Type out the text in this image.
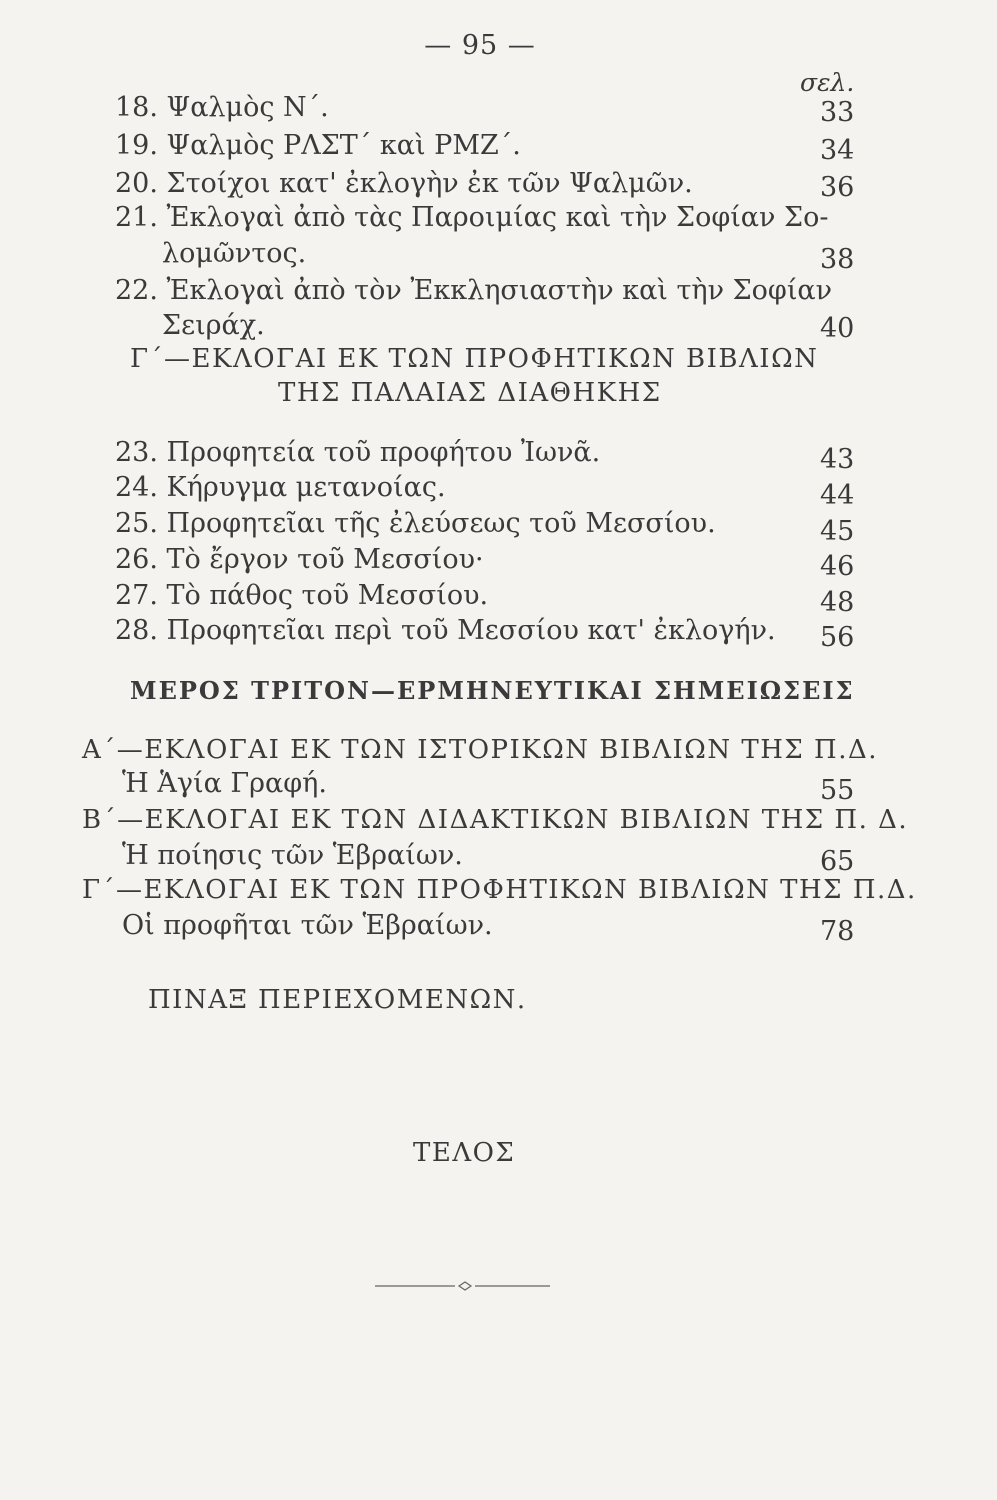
— 95 —
σελ.
18. Ψαλμὸς Ν΄.	33
19. Ψαλμὸς ΡΛΣΤ΄ καὶ ΡΜΖ΄.	34
20. Στοίχοι κατ' ἐκλογὴν ἐκ τῶν Ψαλμῶν.	36
21. Ἐκλογαὶ ἀπὸ τὰς Παροιμίας καὶ τὴν Σοφίαν Σο-
λομῶντος.	38
22. Ἐκλογαὶ ἀπὸ τὸν Ἐκκλησιαστὴν καὶ τὴν Σοφίαν
Σειράχ.	40
Γ΄—ΕΚΛΟΓΑΙ ΕΚ ΤΩΝ ΠΡΟΦΗΤΙΚΩΝ ΒΙΒΛΙΩΝ
ΤΗΣ ΠΑΛΑΙΑΣ ΔΙΑΘΗΚΗΣ
23. Προφητεία τοῦ προφήτου Ἰωνᾶ.	43
24. Κήρυγμα μετανοίας.	44
25. Προφητεῖαι τῆς ἐλεύσεως τοῦ Μεσσίου.	45
26. Τὸ ἔργον τοῦ Μεσσίου·	46
27. Τὸ πάθος τοῦ Μεσσίου.	48
28. Προφητεῖαι περὶ τοῦ Μεσσίου κατ' ἐκλογήν. 56
ΜΕΡΟΣ ΤΡΙΤΟΝ—ΕΡΜΗΝΕΥΤΙΚΑΙ ΣΗΜΕΙΩΣΕΙΣ
Α΄—ΕΚΛΟΓΑΙ ΕΚ ΤΩΝ ΙΣΤΟΡΙΚΩΝ ΒΙΒΛΙΩΝ ΤΗΣ Π.Δ.
Ἡ Ἁγία Γραφή.	55
Β΄—ΕΚΛΟΓΑΙ ΕΚ ΤΩΝ ΔΙΔΑΚΤΙΚΩΝ ΒΙΒΛΙΩΝ ΤΗΣ Π. Δ.
Ἡ ποίησις τῶν Ἑβραίων.	65
Γ΄—ΕΚΛΟΓΑΙ ΕΚ ΤΩΝ ΠΡΟΦΗΤΙΚΩΝ ΒΙΒΛΙΩΝ ΤΗΣ Π.Δ.
Οἱ προφῆται τῶν Ἑβραίων.	78
ΠΙΝΑΞ ΠΕΡΙΕΧΟΜΕΝΩΝ.
ΤΕΛΟΣ
